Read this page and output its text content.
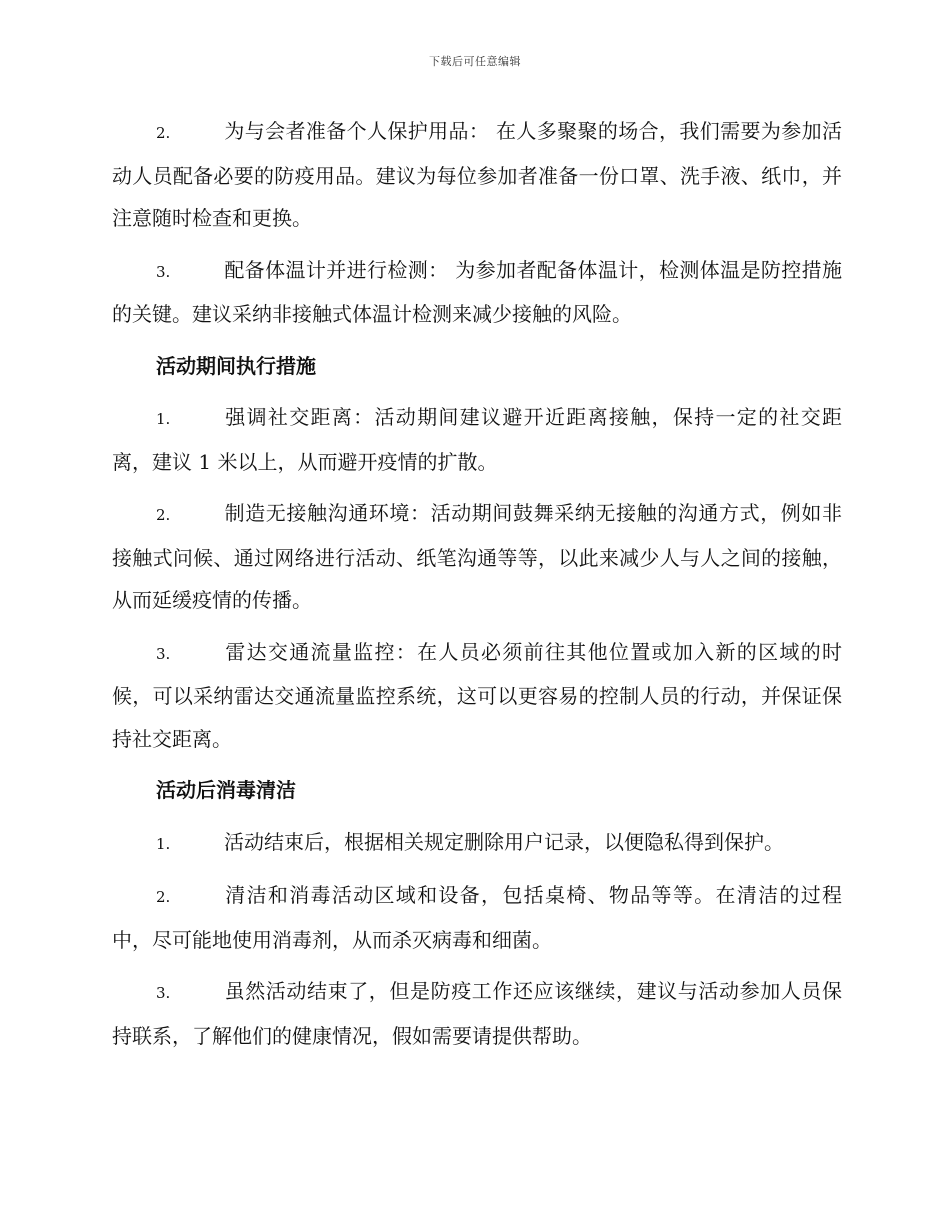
下载后可任意编辑

2.	为与会者准备个人保护用品： 在人多聚聚的场合，我们需要为参加活动人员配备必要的防疫用品。建议为每位参加者准备一份口罩、洗手液、纸巾，并注意随时检查和更换。

3.	配备体温计并进行检测： 为参加者配备体温计，检测体温是防控措施的关键。建议采纳非接触式体温计检测来减少接触的风险。

活动期间执行措施

1.	强调社交距离：活动期间建议避开近距离接触，保持一定的社交距离，建议 1 米以上，从而避开疫情的扩散。

2.	制造无接触沟通环境：活动期间鼓舞采纳无接触的沟通方式，例如非接触式问候、通过网络进行活动、纸笔沟通等等，以此来减少人与人之间的接触，从而延缓疫情的传播。

3.	雷达交通流量监控：在人员必须前往其他位置或加入新的区域的时候，可以采纳雷达交通流量监控系统，这可以更容易的控制人员的行动，并保证保持社交距离。

活动后消毒清洁

1.	活动结束后，根据相关规定删除用户记录，以便隐私得到保护。

2.	清洁和消毒活动区域和设备，包括桌椅、物品等等。在清洁的过程中，尽可能地使用消毒剂，从而杀灭病毒和细菌。

3.	虽然活动结束了，但是防疫工作还应该继续，建议与活动参加人员保持联系，了解他们的健康情况，假如需要请提供帮助。
